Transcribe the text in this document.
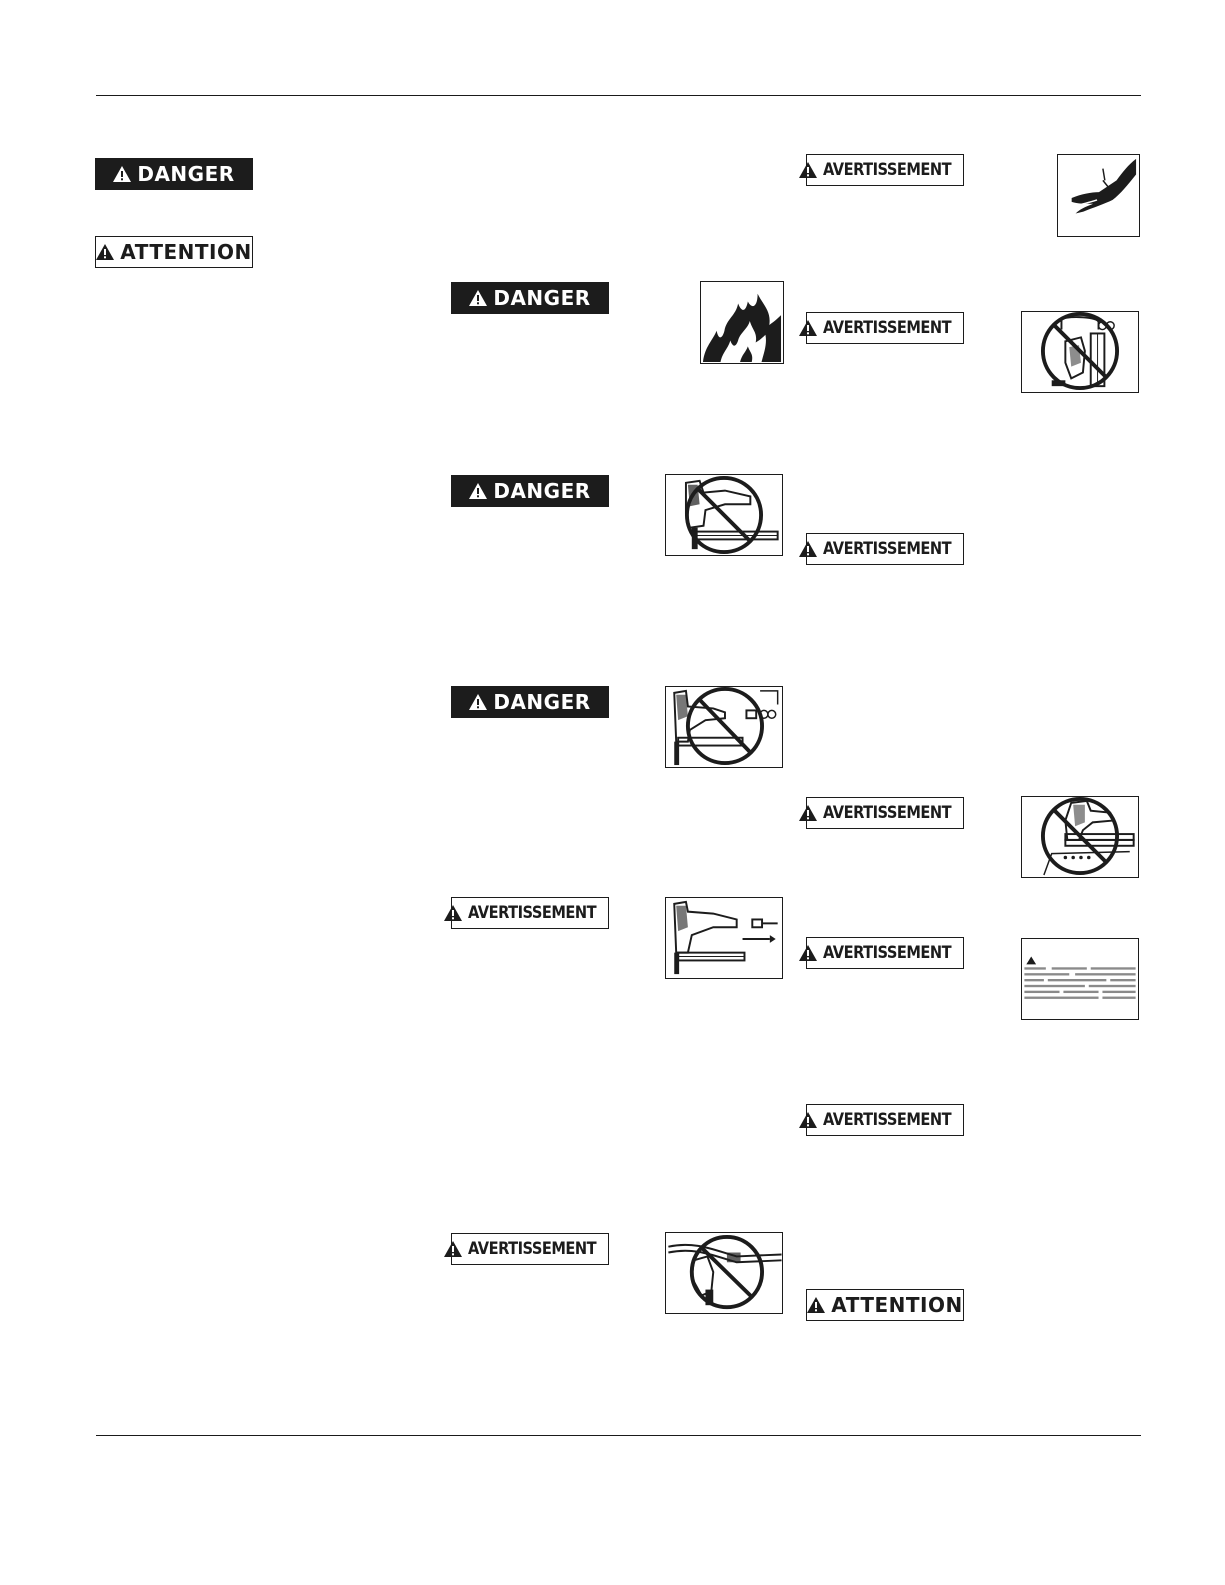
DANGER
ATTENTION
DANGER
DANGER
DANGER
AVERTISSEMENT
AVERTISSEMENT
AVERTISSEMENT
AVERTISSEMENT
AVERTISSEMENT
AVERTISSEMENT
AVERTISSEMENT
AVERTISSEMENT
ATTENTION
